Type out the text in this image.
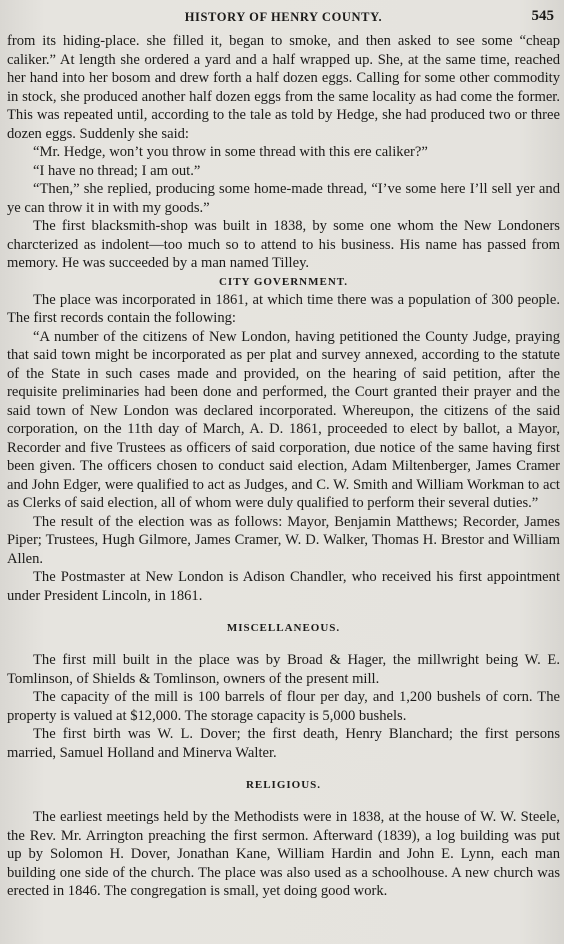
HISTORY OF HENRY COUNTY.	545

from its hiding-place. she filled it, began to smoke, and then asked to see some “cheap caliker.” At length she ordered a yard and a half wrapped up. She, at the same time, reached her hand into her bosom and drew forth a half dozen eggs. Calling for some other commodity in stock, she produced another half dozen eggs from the same locality as had come the former. This was repeated until, according to the tale as told by Hedge, she had produced two or three dozen eggs. Suddenly she said:

“Mr. Hedge, won’t you throw in some thread with this ere caliker?”

“I have no thread; I am out.”

“Then,” she replied, producing some home-made thread, “I’ve some here I’ll sell yer and ye can throw it in with my goods.”

The first blacksmith-shop was built in 1838, by some one whom the New Londoners charcterized as indolent—too much so to attend to his business. His name has passed from memory. He was succeeded by a man named Tilley.

CITY GOVERNMENT.

The place was incorporated in 1861, at which time there was a population of 300 people. The first records contain the following:

“A number of the citizens of New London, having petitioned the County Judge, praying that said town might be incorporated as per plat and survey annexed, according to the statute of the State in such cases made and provided, on the hearing of said petition, after the requisite preliminaries had been done and performed, the Court granted their prayer and the said town of New London was declared incorporated. Whereupon, the citizens of the said corporation, on the 11th day of March, A. D. 1861, proceeded to elect by ballot, a Mayor, Recorder and five Trustees as officers of said corporation, due notice of the same having first been given. The officers chosen to conduct said election, Adam Miltenberger, James Cramer and John Edger, were qualified to act as Judges, and C. W. Smith and William Workman to act as Clerks of said election, all of whom were duly qualified to perform their several duties.”

The result of the election was as follows: Mayor, Benjamin Matthews; Recorder, James Piper; Trustees, Hugh Gilmore, James Cramer, W. D. Walker, Thomas H. Brestor and William Allen.

The Postmaster at New London is Adison Chandler, who received his first appointment under President Lincoln, in 1861.

MISCELLANEOUS.

The first mill built in the place was by Broad & Hager, the millwright being W. E. Tomlinson, of Shields & Tomlinson, owners of the present mill.

The capacity of the mill is 100 barrels of flour per day, and 1,200 bushels of corn. The property is valued at $12,000. The storage capacity is 5,000 bushels.

The first birth was W. L. Dover; the first death, Henry Blanchard; the first persons married, Samuel Holland and Minerva Walter.

RELIGIOUS.

The earliest meetings held by the Methodists were in 1838, at the house of W. W. Steele, the Rev. Mr. Arrington preaching the first sermon. Afterward (1839), a log building was put up by Solomon H. Dover, Jonathan Kane, William Hardin and John E. Lynn, each man building one side of the church. The place was also used as a schoolhouse. A new church was erected in 1846. The congregation is small, yet doing good work.
